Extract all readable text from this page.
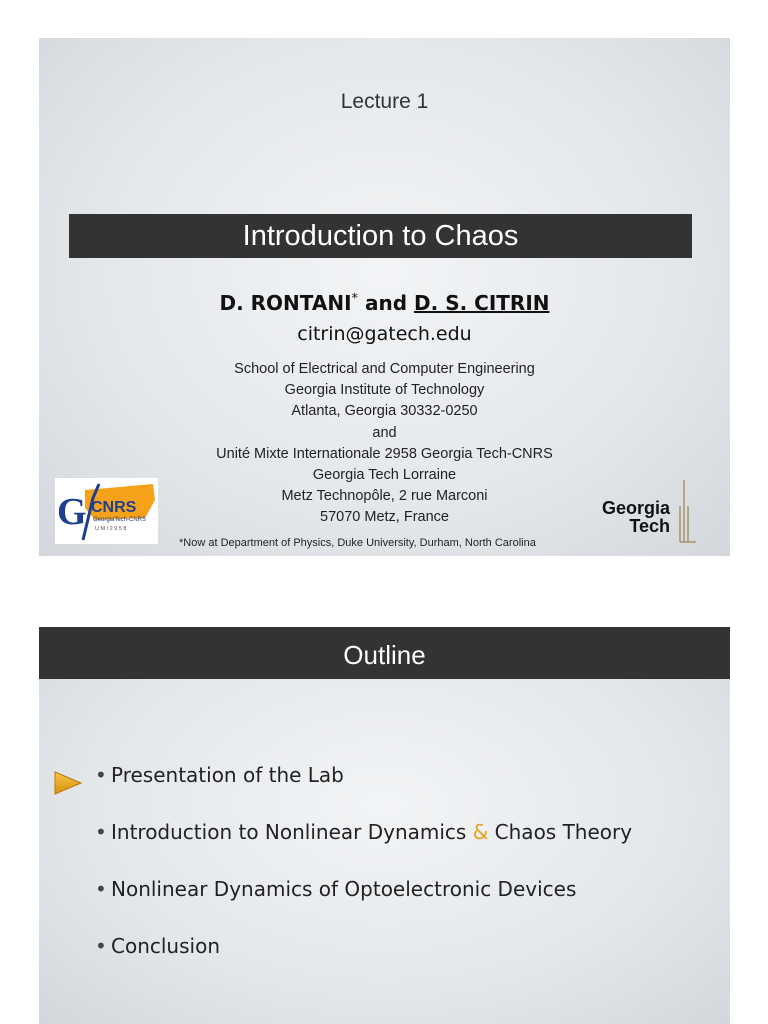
Lecture 1
Introduction to Chaos
D. RONTANI* and D. S. CITRIN
citrin@gatech.edu
School of Electrical and Computer Engineering
Georgia Institute of Technology
Atlanta, Georgia 30332-0250
and
Unité Mixte Internationale 2958 Georgia Tech-CNRS
Georgia Tech Lorraine
Metz Technopôle, 2 rue Marconi
57070 Metz, France
G CNRS
GeorgiaTech-CNRS
U M I 2 9 5 8
Georgia
Tech
*Now at Department of Physics, Duke University, Durham, North Carolina
Outline
• Presentation of the Lab
• Introduction to Nonlinear Dynamics & Chaos Theory
• Nonlinear Dynamics of Optoelectronic Devices
• Conclusion
